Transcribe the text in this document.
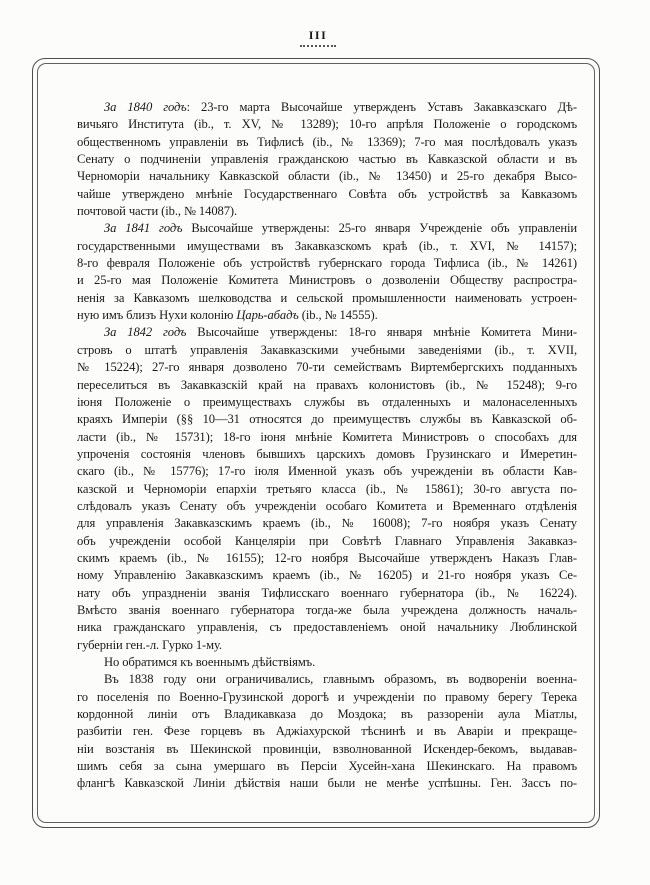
III
За 1840 годъ: 23-го марта Высочайше утвержденъ Уставъ Закавказскаго Дѣ-
вичьяго Института (ib., т. XV, № 13289); 10-го апрѣля Положеніе о городскомъ
общественномъ управленіи въ Тифлисѣ (ib., № 13369); 7-го мая послѣдовалъ указъ
Сенату о подчиненіи управленія гражданскою частью въ Кавказской области и въ
Черноморіи начальнику Кавказской области (ib., № 13450) и 25-го декабря Высо-
чайше утверждено мнѣніе Государственнаго Совѣта объ устройствѣ за Кавказомъ
почтовой части (ib., № 14087).
За 1841 годъ Высочайше утверждены: 25-го января Учрежденіе объ управленіи
государственными имуществами въ Закавказскомъ краѣ (ib., т. XVI, № 14157);
8-го февраля Положеніе объ устройствѣ губернскаго города Тифлиса (ib., № 14261)
и 25-го мая Положеніе Комитета Министровъ о дозволеніи Обществу распростра-
ненія за Кавказомъ шелководства и сельской промышленности наименовать устроен-
ную имъ близъ Нухи колонію Царь-абадъ (ib., № 14555).
За 1842 годъ Высочайше утверждены: 18-го января мнѣніе Комитета Мини-
стровъ о штатѣ управленія Закавказскими учебными заведеніями (ib., т. XVII,
№ 15224); 27-го января дозволено 70-ти семействамъ Виртембергскихъ подданныхъ
переселиться въ Закавказскій край на правахъ колонистовъ (ib., № 15248); 9-го
іюня Положеніе о преимуществахъ службы въ отдаленныхъ и малонаселенныхъ
краяхъ Имперіи (§§ 10—31 относятся до преимуществъ службы въ Кавказской об-
ласти (ib., № 15731); 18-го іюня мнѣніе Комитета Министровъ о способахъ для
упроченія состоянія членовъ бывшихъ царскихъ домовъ Грузинскаго и Имеретин-
скаго (ib., № 15776); 17-го іюля Именной указъ объ учрежденіи въ области Кав-
казской и Черноморіи епархіи третьяго класса (ib., № 15861); 30-го августа по-
слѣдовалъ указъ Сенату объ учрежденіи особаго Комитета и Временнаго отдѣленія
для управленія Закавказскимъ краемъ (ib., № 16008); 7-го ноября указъ Сенату
объ учрежденіи особой Канцеляріи при Совѣтѣ Главнаго Управленія Закавказ-
скимъ краемъ (ib., № 16155); 12-го ноября Высочайше утвержденъ Наказъ Глав-
ному Управленію Закавказскимъ краемъ (ib., № 16205) и 21-го ноября указъ Се-
нату объ упраздненіи званія Тифлисскаго военнаго губернатора (ib., № 16224).
Вмѣсто званія военнаго губернатора тогда-же была учреждена должность началь-
ника гражданскаго управленія, съ предоставленіемъ оной начальнику Люблинской
губерніи ген.-л. Гурко 1-му.
Но обратимся къ военнымъ дѣйствіямъ.
Въ 1838 году они ограничивались, главнымъ образомъ, въ водвореніи военна-
го поселенія по Военно-Грузинской дорогѣ и учрежденіи по правому берегу Терека
кордонной линіи отъ Владикавказа до Моздока; въ раззореніи аула Міатлы,
разбитіи ген. Фезе горцевъ въ Аджіахурской тѣснинѣ и въ Аваріи и прекраще-
ніи возстанія въ Шекинской провинціи, взволнованной Искендер-бекомъ, выдавав-
шимъ себя за сына умершаго въ Персіи Хусейн-хана Шекинскаго. На правомъ
флангѣ Кавказской Линіи дѣйствія наши были не менѣе успѣшны. Ген. Зассъ по-
